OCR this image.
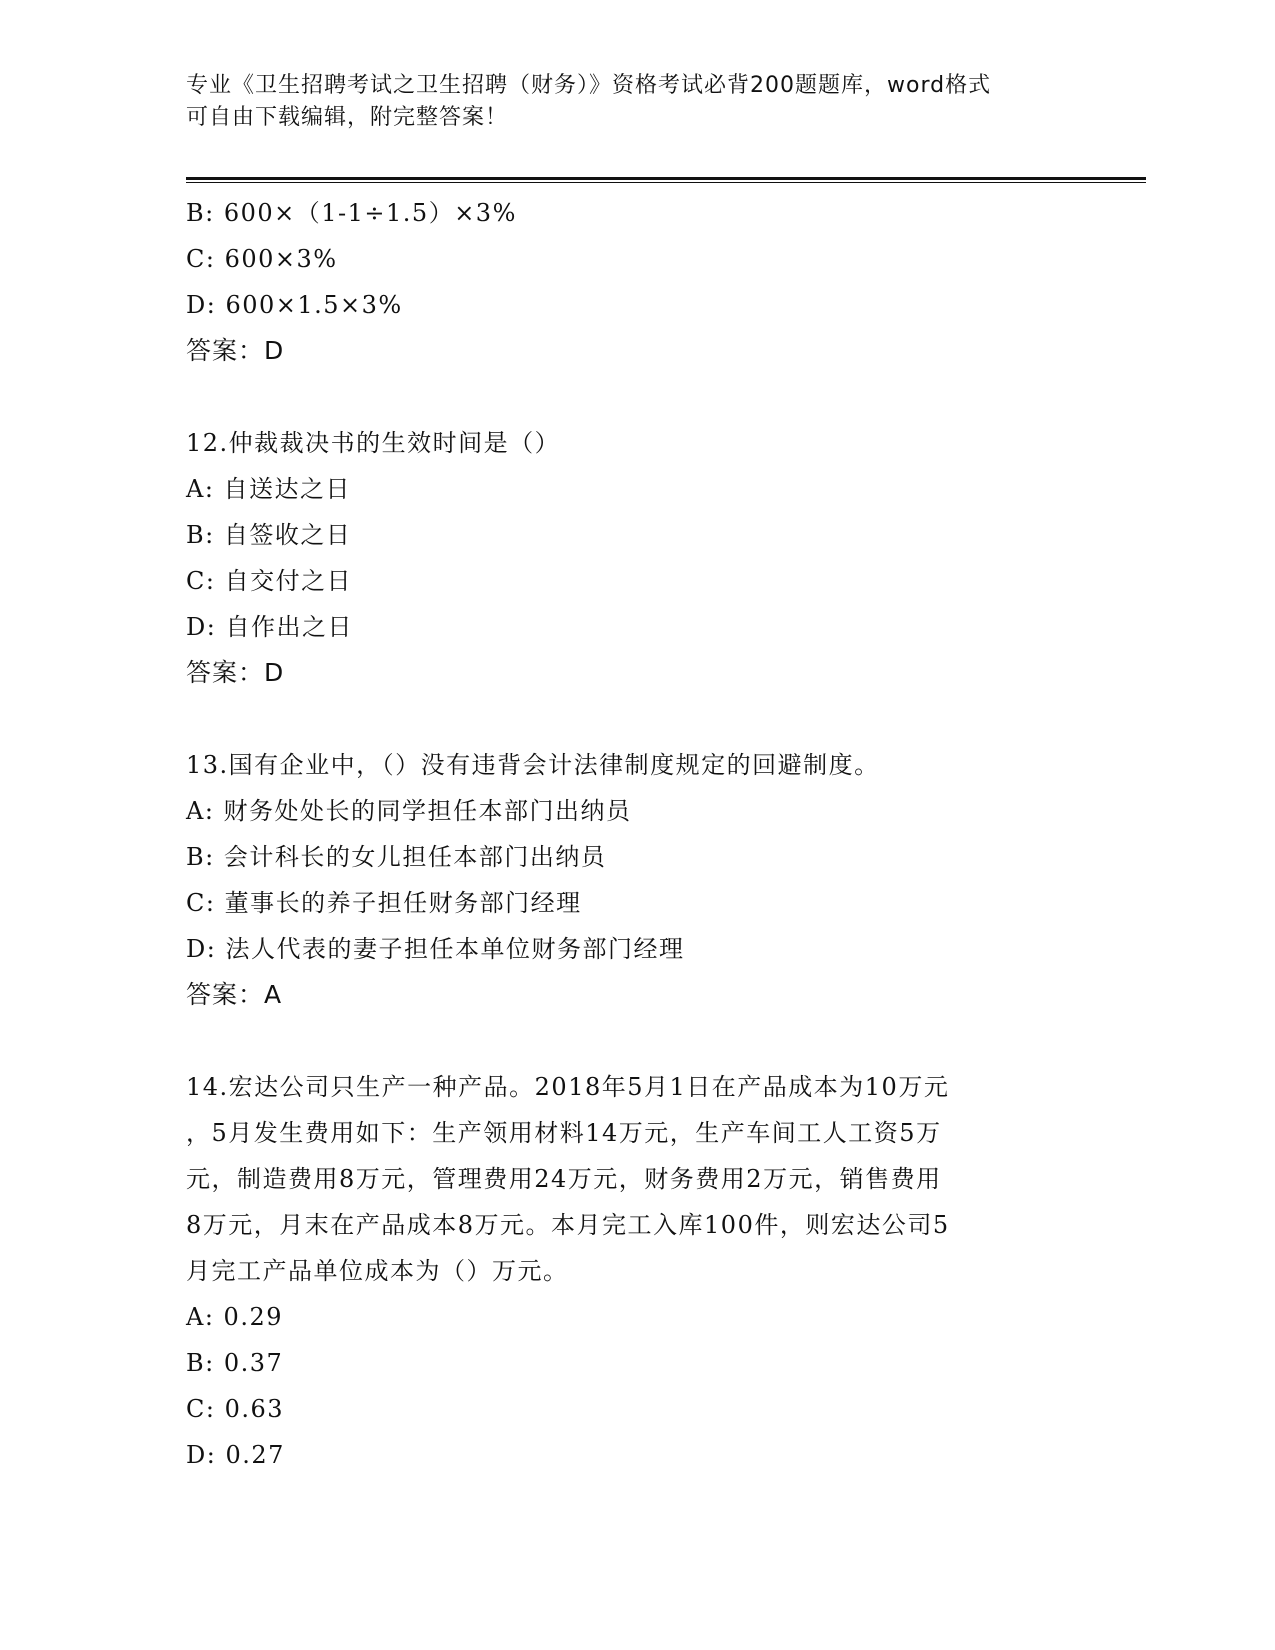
专业《卫生招聘考试之卫生招聘（财务）》资格考试必背200题题库，word格式
可自由下载编辑，附完整答案！
B: 600×（1-1÷1.5）×3%
C: 600×3%
D: 600×1.5×3%
答案：D
12.仲裁裁决书的生效时间是（）
A: 自送达之日
B: 自签收之日
C: 自交付之日
D: 自作出之日
答案：D
13.国有企业中，（）没有违背会计法律制度规定的回避制度。
A: 财务处处长的同学担任本部门出纳员
B: 会计科长的女儿担任本部门出纳员
C: 董事长的养子担任财务部门经理
D: 法人代表的妻子担任本单位财务部门经理
答案：A
14.宏达公司只生产一种产品。2018年5月1日在产品成本为10万元
，5月发生费用如下：生产领用材料14万元，生产车间工人工资5万
元，制造费用8万元，管理费用24万元，财务费用2万元，销售费用
8万元，月末在产品成本8万元。本月完工入库100件，则宏达公司5
月完工产品单位成本为（）万元。
A: 0.29
B: 0.37
C: 0.63
D: 0.27
